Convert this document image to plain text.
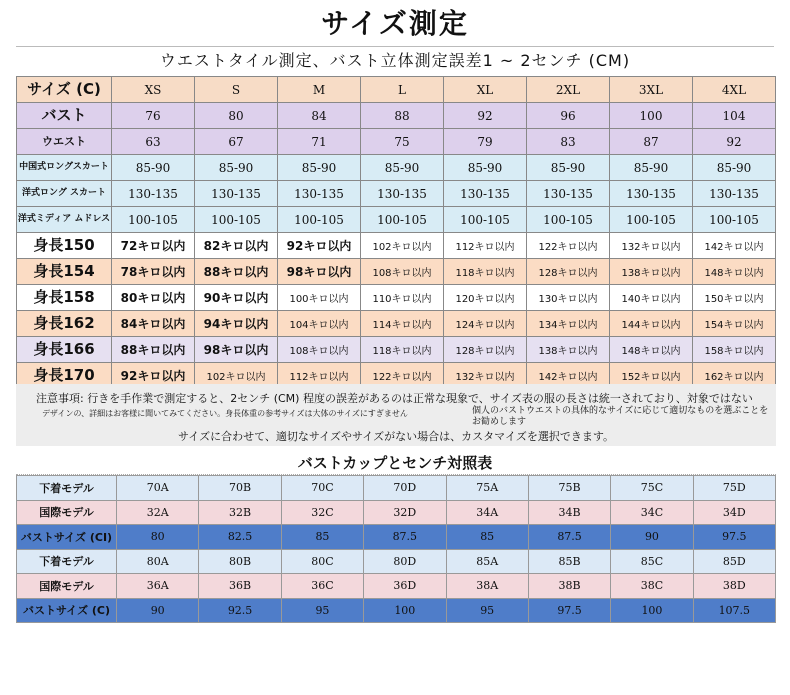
サイズ測定
ウエストタイル測定、バスト立体測定誤差1 ~ 2センチ (CM)
サイズ (C)	XS	S	M	L	XL	2XL	3XL	4XL
バスト	76	80	84	88	92	96	100	104
ウエスト	63	67	71	75	79	83	87	92
中国式ロングスカート	85-90	85-90	85-90	85-90	85-90	85-90	85-90	85-90
洋式ロング スカート	130-135	130-135	130-135	130-135	130-135	130-135	130-135	130-135
洋式ミディア ムドレス	100-105	100-105	100-105	100-105	100-105	100-105	100-105	100-105
身長150	72キロ以内	82キロ以内	92キロ以内	102キロ以内	112キロ以内	122キロ以内	132キロ以内	142キロ以内
身長154	78キロ以内	88キロ以内	98キロ以内	108キロ以内	118キロ以内	128キロ以内	138キロ以内	148キロ以内
身長158	80キロ以内	90キロ以内	100キロ以内	110キロ以内	120キロ以内	130キロ以内	140キロ以内	150キロ以内
身長162	84キロ以内	94キロ以内	104キロ以内	114キロ以内	124キロ以内	134キロ以内	144キロ以内	154キロ以内
身長166	88キロ以内	98キロ以内	108キロ以内	118キロ以内	128キロ以内	138キロ以内	148キロ以内	158キロ以内
身長170	92キロ以内	102キロ以内	112キロ以内	122キロ以内	132キロ以内	142キロ以内	152キロ以内	162キロ以内
注意事項: 行きを手作業で測定すると、2センチ (CM) 程度の誤差があるのは正常な現象で、サイズ表の服の長さは統一されており、対象ではない
デザインの、詳細はお客様に聞いてみてください。身長体重の参考サイズは大体のサイズにすぎません	個人のバストウエストの具体的なサイズに応じて適切なものを選ぶことをお勧めします
サイズに合わせて、適切なサイズやサイズがない場合は、カスタマイズを選択できます。
バストカップとセンチ対照表
下着モデル	70A	70B	70C	70D	75A	75B	75C	75D
国際モデル	32A	32B	32C	32D	34A	34B	34C	34D
バストサイズ (CI)	80	82.5	85	87.5	85	87.5	90	97.5
下着モデル	80A	80B	80C	80D	85A	85B	85C	85D
国際モデル	36A	36B	36C	36D	38A	38B	38C	38D
バストサイズ (C)	90	92.5	95	100	95	97.5	100	107.5
